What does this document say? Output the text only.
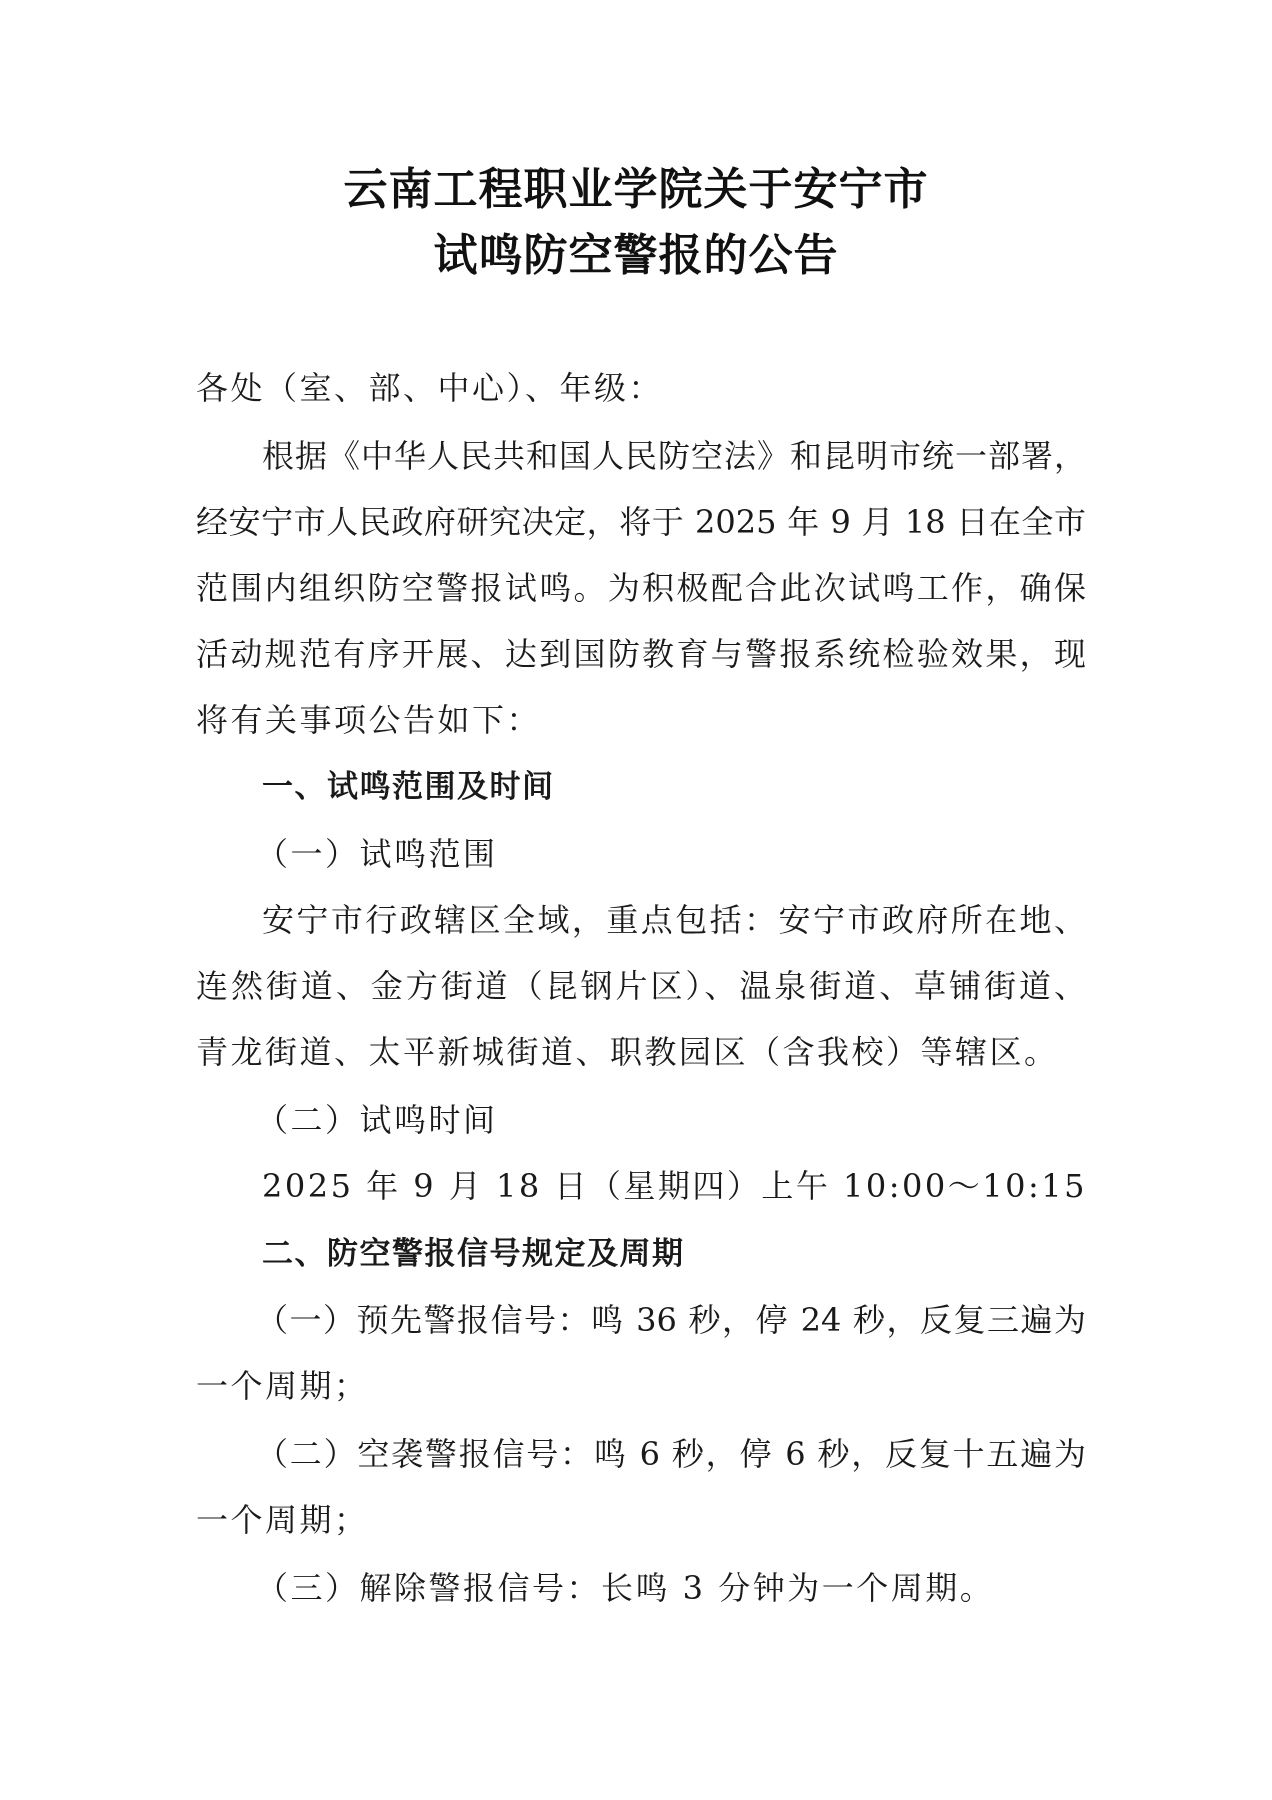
云南工程职业学院关于安宁市
试鸣防空警报的公告
各处（室、部、中心）、年级：
根据《中华人民共和国人民防空法》和昆明市统一部署，
经安宁市人民政府研究决定，将于 2025 年 9 月 18 日在全市
范围内组织防空警报试鸣。为积极配合此次试鸣工作，确保
活动规范有序开展、达到国防教育与警报系统检验效果，现
将有关事项公告如下：
一、试鸣范围及时间
（一）试鸣范围
安宁市行政辖区全域，重点包括：安宁市政府所在地、
连然街道、金方街道（昆钢片区）、温泉街道、草铺街道、
青龙街道、太平新城街道、职教园区（含我校）等辖区。
（二）试鸣时间
2025 年 9 月 18 日（星期四）上午 10:00～10:15
二、防空警报信号规定及周期
（一）预先警报信号：鸣 36 秒，停 24 秒，反复三遍为
一个周期；
（二）空袭警报信号：鸣 6 秒，停 6 秒，反复十五遍为
一个周期；
（三）解除警报信号：长鸣 3 分钟为一个周期。
